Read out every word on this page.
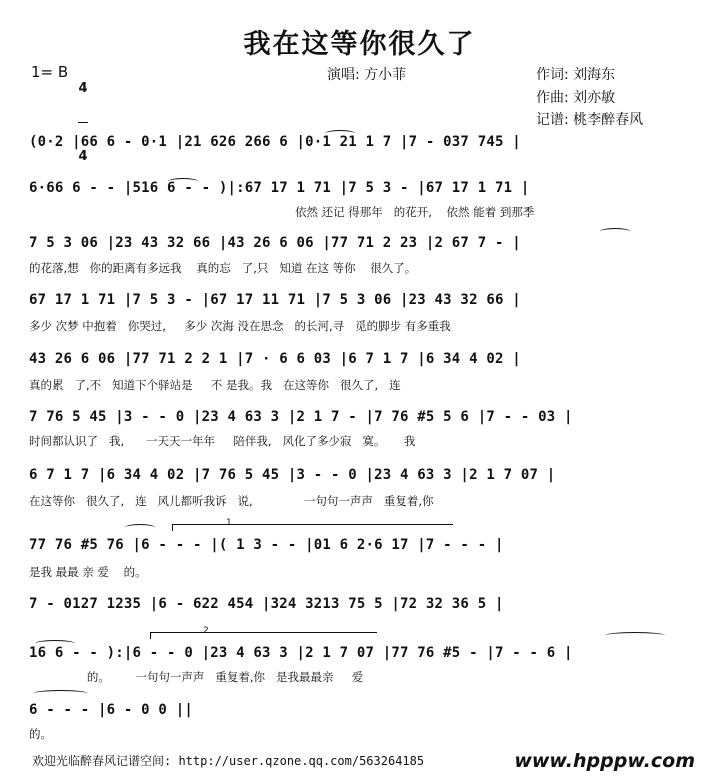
我在这等你很久了
1= B

4

4

演唱: 方小菲	作词: 刘海东
作曲: 刘亦敏
记谱: 桃李醉春风
(0·2 |66 6 - 0·1 |21 626 266 6 |0·1 21 1 7 |7 - 037 745 |
6·66 6 - - |516 6 - - )|:67 17 1 71 |7 5 3 - |67 17 1 71 |
依然 还记 得那年   的花开,    依然 能着 到那季
7 5 3 06 |23 43 32 66 |43 26 6 06 |77 71 2 23 |2 67 7 - |
的花落,想   你的距离有多远我    真的忘   了,只   知道 在这 等你    很久了。
67 17 1 71 |7 5 3 - |67 17 11 71 |7 5 3 06 |23 43 32 66 |
多少 次梦 中抱着   你哭过,     多少 次海 没在思念   的长河,寻   觅的脚步 有多重我
43 26 6 06 |77 71 2 2 1 |7 · 6 6 03 |6 7 1 7 |6 34 4 02 |
真的累   了,不   知道下个驿站是     不 是我。我   在这等你   很久了,   连
7 76 5 45 |3 - - 0 |23 4 63 3 |2 1 7 - |7 76 #5 5 6 |7 - - 03 |
时间都认识了   我,      一天天一年年     陪伴我,   风化了多少寂   寞。     我
6 7 1 7 |6 34 4 02 |7 76 5 45 |3 - - 0 |23 4 63 3 |2 1 7 07 |
在这等你   很久了,   连   风儿都听我诉   说,              一句句一声声   重复着,你
77 76 #5 76 |6 - - - |( 1 3 - - |01 6 2·6 17 |7 - - - |
是我 最最 亲 爱    的。
7 - 0127 1235 |6 - 622 454 |324 3213 75 5 |72 32 36 5 |
16 6 - - ):|6 - - 0 |23 4 63 3 |2 1 7 07 |77 76 #5 - |7 - - 6 |
的。       一句句一声声   重复着,你   是我最最亲     爱
6 - - - |6 - 0 0 ||
的。
1
2
欢迎光临醉春风记谱空间: http://user.qzone.qq.com/563264185	www.hpppw.com
